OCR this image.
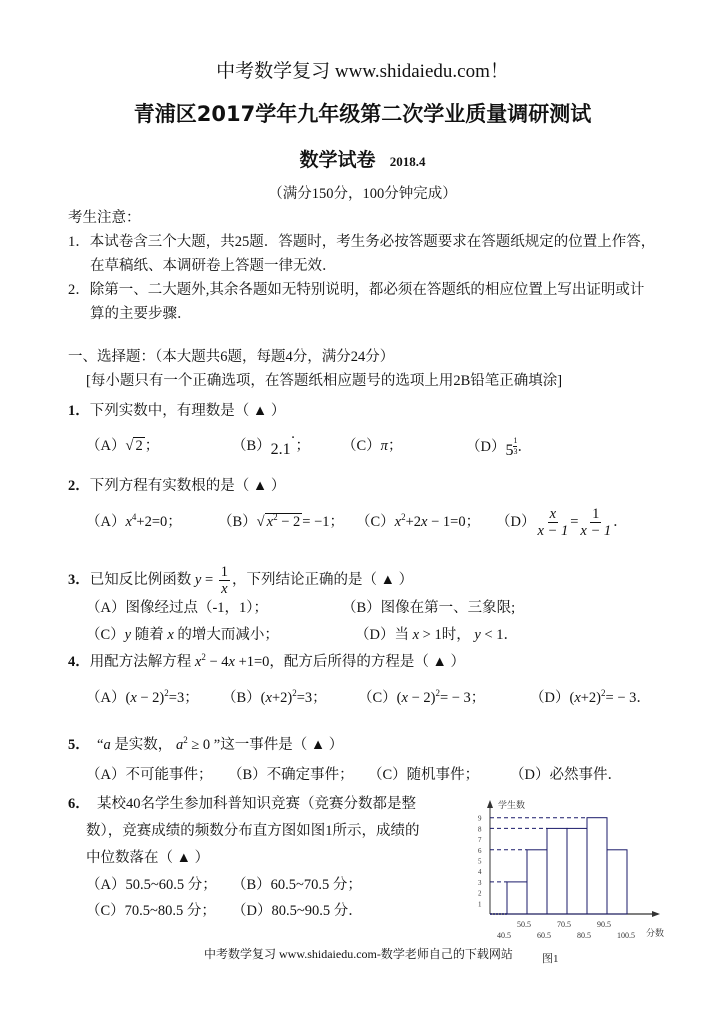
中考数学复习 www.shidaiedu.com！
青浦区2017学年九年级第二次学业质量调研测试
数学试卷 2018.4
（满分150分，100分钟完成）
考生注意：
1．本试卷含三个大题，共25题．答题时，考生务必按答题要求在答题纸规定的位置上作答，
在草稿纸、本调研卷上答题一律无效．
2．除第一、二大题外,其余各题如无特别说明，都必须在答题纸的相应位置上写出证明或计
算的主要步骤．
一、选择题：（本大题共6题，每题4分，满分24分）
[每小题只有一个正确选项，在答题纸相应题号的选项上用2B铅笔正确填涂]
1．下列实数中，有理数是（ ▲ ）
（A）√ 2 ；	（B）2.1·； （C）π；	$(D)5 \frac{1}{3}$ ．
2．下列方程有实数根的是（ ▲ ）
$(A)x^4+2=0$； （B）√ $x^2 - 2 = -1$； $(C)x^2+2x - 1=0$； $(D) \frac{x}{x - 1} = \frac{1}{x - 1}$ ．
3．已知反比例函数 $y = \frac{1}{x}$ ，下列结论正确的是（ ▲ ）
（A）图像经过点（-1，1）；	（B）图像在第一、三象限;
（C）y 随着 x 的增大而减小；	（D）当 x > 1时， y < 1．
4．用配方法解方程 $x^2 - 4x +1=0$，配方后所得的方程是（ ▲ ）
$(A)(x - 2)^2=3$； $(B)(x+2)^2=3$； $(C)(x - 2)^2= - 3$；	$(D)(x+2)^2= - 3$．
5． “a 是实数， $a^2 \ge 0$ ”这一事件是（ ▲ ）
（A）不可能事件； （B）不确定事件； （C）随机事件； （D）必然事件．
6． 某校40名学生参加科普知识竞赛（竞赛分数都是整
数），竞赛成绩的频数分布直方图如图1所示，成绩的
中位数落在（ ▲ ）
（A）50.5~60.5 分； （B）60.5~70.5 分；
（C）70.5~80.5 分； （D）80.5~90.5 分．
学生数
分数
1
2
3
4
5
6
7
8
9
40.5
50.5
60.5
70.5
80.5
90.5
100.5
图1
中考数学复习 www.shidaiedu.com-数学老师自己的下载网站
